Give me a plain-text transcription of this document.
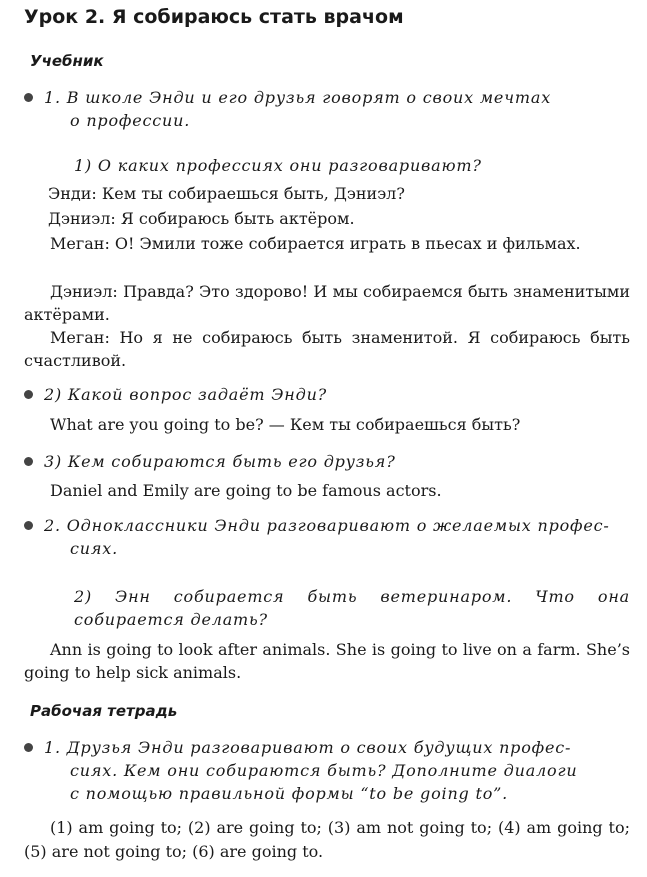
Урок 2. Я собираюсь стать врачом
Учебник

1. В школе Энди и его друзья говорят о своих мечтах
о профессии.

1) О каких профессиях они разговаривают?

Энди: Кем ты собираешься быть, Дэниэл?

Дэниэл: Я собираюсь быть актёром.

Меган: О! Эмили тоже собирается играть в пьесах и фильмах.

Дэниэл: Правда? Это здорово! И мы собираемся быть знаменитыми актёрами.

Меган: Но я не собираюсь быть знаменитой. Я собираюсь быть счастливой.

2) Какой вопрос задаёт Энди?

What are you going to be? — Кем ты собираешься быть?

3) Кем собираются быть его друзья?

Daniel and Emily are going to be famous actors.

2. Одноклассники Энди разговаривают о желаемых профес-
сиях.

2) Энн собирается быть ветеринаром. Что она собирается делать?

Ann is going to look after animals. She is going to live on a farm. She’s going to help sick animals.

Рабочая тетрадь

1. Друзья Энди разговаривают о своих будущих профес-
сиях. Кем они собираются быть? Дополните диалоги
с помощью правильной формы “to be going to”.

(1) am going to; (2) are going to; (3) am not going to; (4) am going to; (5) are not going to; (6) are going to.
